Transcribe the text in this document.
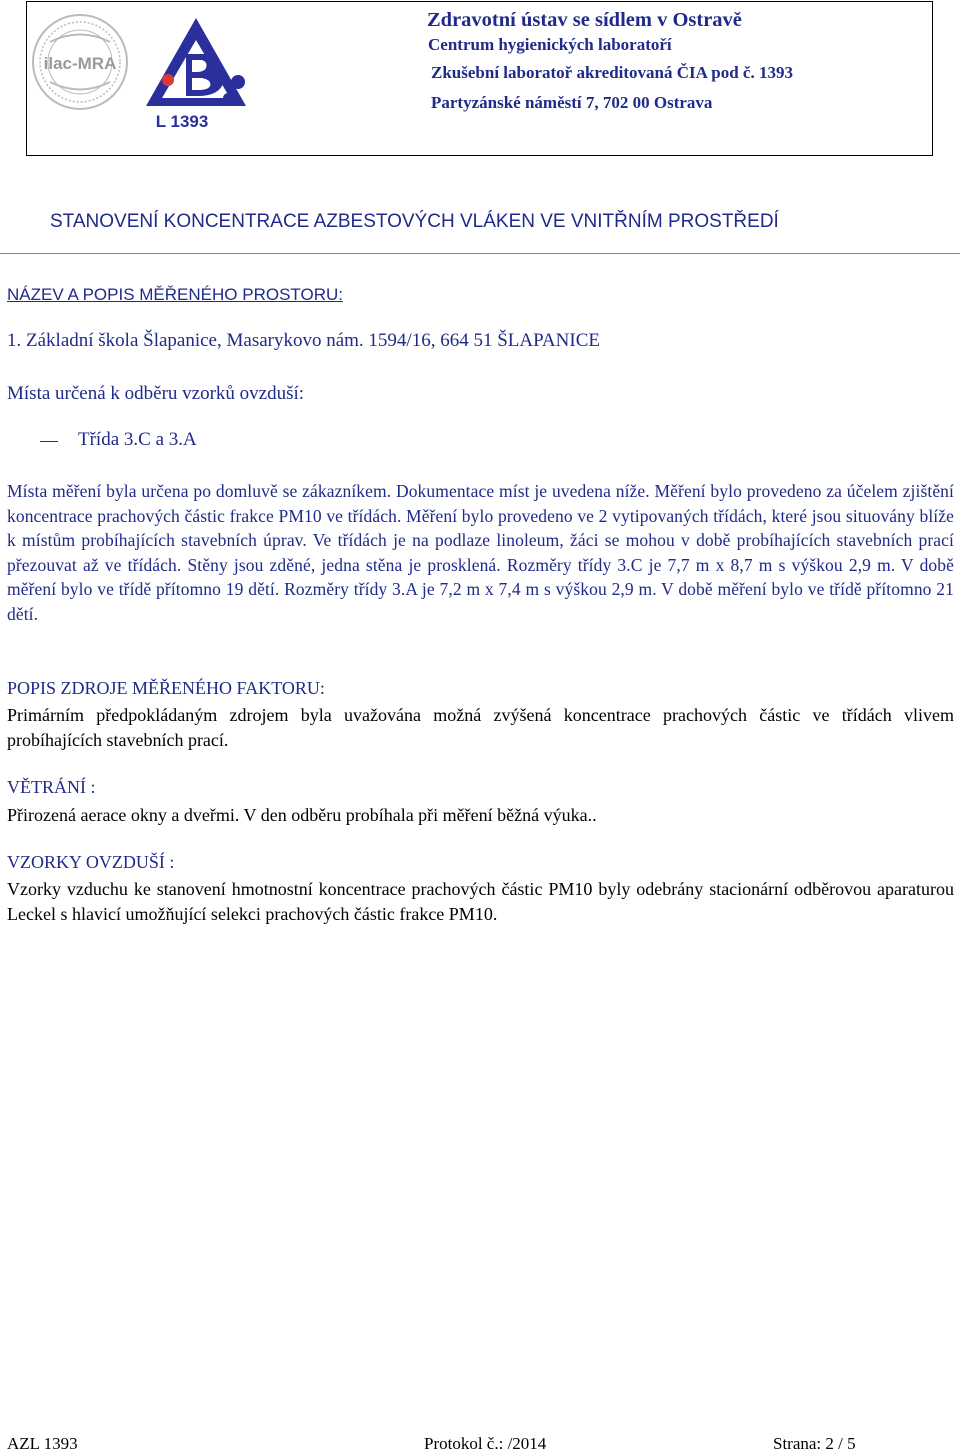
ilac-MRA
L 1393
Zdravotní ústav se sídlem v Ostravě
Centrum hygienických laboratoří
Zkušební laboratoř akreditovaná ČIA pod č. 1393
Partyzánské náměstí 7, 702 00 Ostrava
STANOVENÍ KONCENTRACE AZBESTOVÝCH VLÁKEN VE VNITŘNÍM PROSTŘEDÍ
NÁZEV A POPIS MĚŘENÉHO PROSTORU:
1. Základní škola Šlapanice, Masarykovo nám. 1594/16, 664 51 ŠLAPANICE
Místa určená k odběru vzorků ovzduší:
Třída 3.C a 3.A
Místa měření byla určena po domluvě se zákazníkem. Dokumentace míst je uvedena níže. Měření bylo provedeno za účelem zjištění koncentrace prachových částic frakce PM10 ve třídách. Měření bylo provedeno ve 2 vytipovaných třídách, které jsou situovány blíže k místům probíhajících stavebních úprav. Ve třídách je na podlaze linoleum, žáci se mohou v době probíhajících stavebních prací přezouvat až ve třídách. Stěny jsou zděné, jedna stěna je prosklená. Rozměry třídy 3.C je 7,7 m x 8,7 m s výškou 2,9 m. V době měření bylo ve třídě přítomno 19 dětí. Rozměry třídy 3.A je 7,2 m x 7,4 m s výškou 2,9 m. V době měření bylo ve třídě přítomno 21 dětí.
POPIS ZDROJE MĚŘENÉHO FAKTORU:
Primárním předpokládaným zdrojem byla uvažována možná zvýšená koncentrace prachových částic ve třídách vlivem probíhajících stavebních prací.
VĚTRÁNÍ :
Přirozená aerace okny a dveřmi. V den odběru probíhala při měření běžná výuka..
VZORKY OVZDUŠÍ :
Vzorky vzduchu ke stanovení hmotnostní koncentrace prachových částic PM10 byly odebrány stacionární odběrovou aparaturou Leckel s hlavicí umožňující selekci prachových částic frakce PM10.
AZL 1393	Protokol č.: /2014	Strana: 2 / 5
